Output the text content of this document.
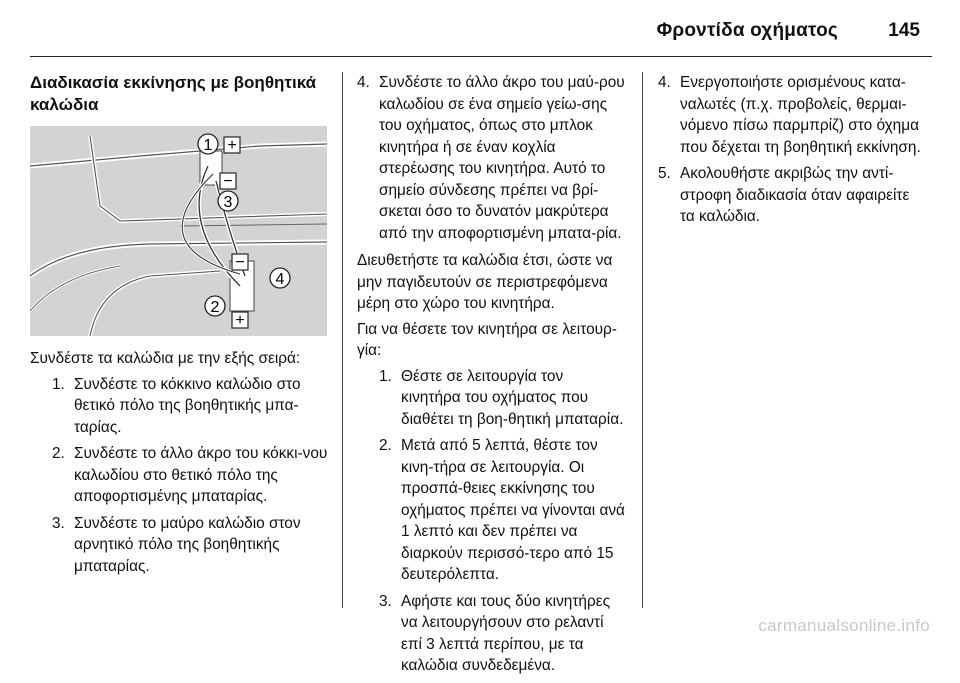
Φροντίδα οχήματος	145
Διαδικασία εκκίνησης με βοηθητικά καλώδια
+
−
−
+
1
2
3
4

Συνδέστε τα καλώδια με την εξής σειρά:

1. Συνδέστε το κόκκινο καλώδιο στο θετικό πόλο της βοηθητικής μπα-ταρίας.
2. Συνδέστε το άλλο άκρο του κόκκι-νου καλωδίου στο θετικό πόλο της αποφορτισμένης μπαταρίας.
3. Συνδέστε το μαύρο καλώδιο στον αρνητικό πόλο της βοηθητικής μπαταρίας.
4. Συνδέστε το άλλο άκρο του μαύ-ρου καλωδίου σε ένα σημείο γείω-σης του οχήματος, όπως στο μπλοκ κινητήρα ή σε έναν κοχλία στερέωσης του κινητήρα. Αυτό το σημείο σύνδεσης πρέπει να βρί-σκεται όσο το δυνατόν μακρύτερα από την αποφορτισμένη μπατα-ρία.

Διευθετήστε τα καλώδια έτσι, ώστε να μην παγιδευτούν σε περιστρεφόμενα μέρη στο χώρο του κινητήρα.

Για να θέσετε τον κινητήρα σε λειτουρ-γία:

1. Θέστε σε λειτουργία τον κινητήρα του οχήματος που διαθέτει τη βοη-θητική μπαταρία.
2. Μετά από 5 λεπτά, θέστε τον κινη-τήρα σε λειτουργία. Οι προσπά-θειες εκκίνησης του οχήματος πρέπει να γίνονται ανά 1 λεπτό και δεν πρέπει να διαρκούν περισσό-τερο από 15 δευτερόλεπτα.
3. Αφήστε και τους δύο κινητήρες να λειτουργήσουν στο ρελαντί επί 3 λεπτά περίπου, με τα καλώδια συνδεδεμένα.
4. Ενεργοποιήστε ορισμένους κατα-ναλωτές (π.χ. προβολείς, θερμαι-νόμενο πίσω παρμπρίζ) στο όχημα που δέχεται τη βοηθητική εκκίνηση.
5. Ακολουθήστε ακριβώς την αντί-στροφη διαδικασία όταν αφαιρείτε τα καλώδια.
carmanualsonline.info
